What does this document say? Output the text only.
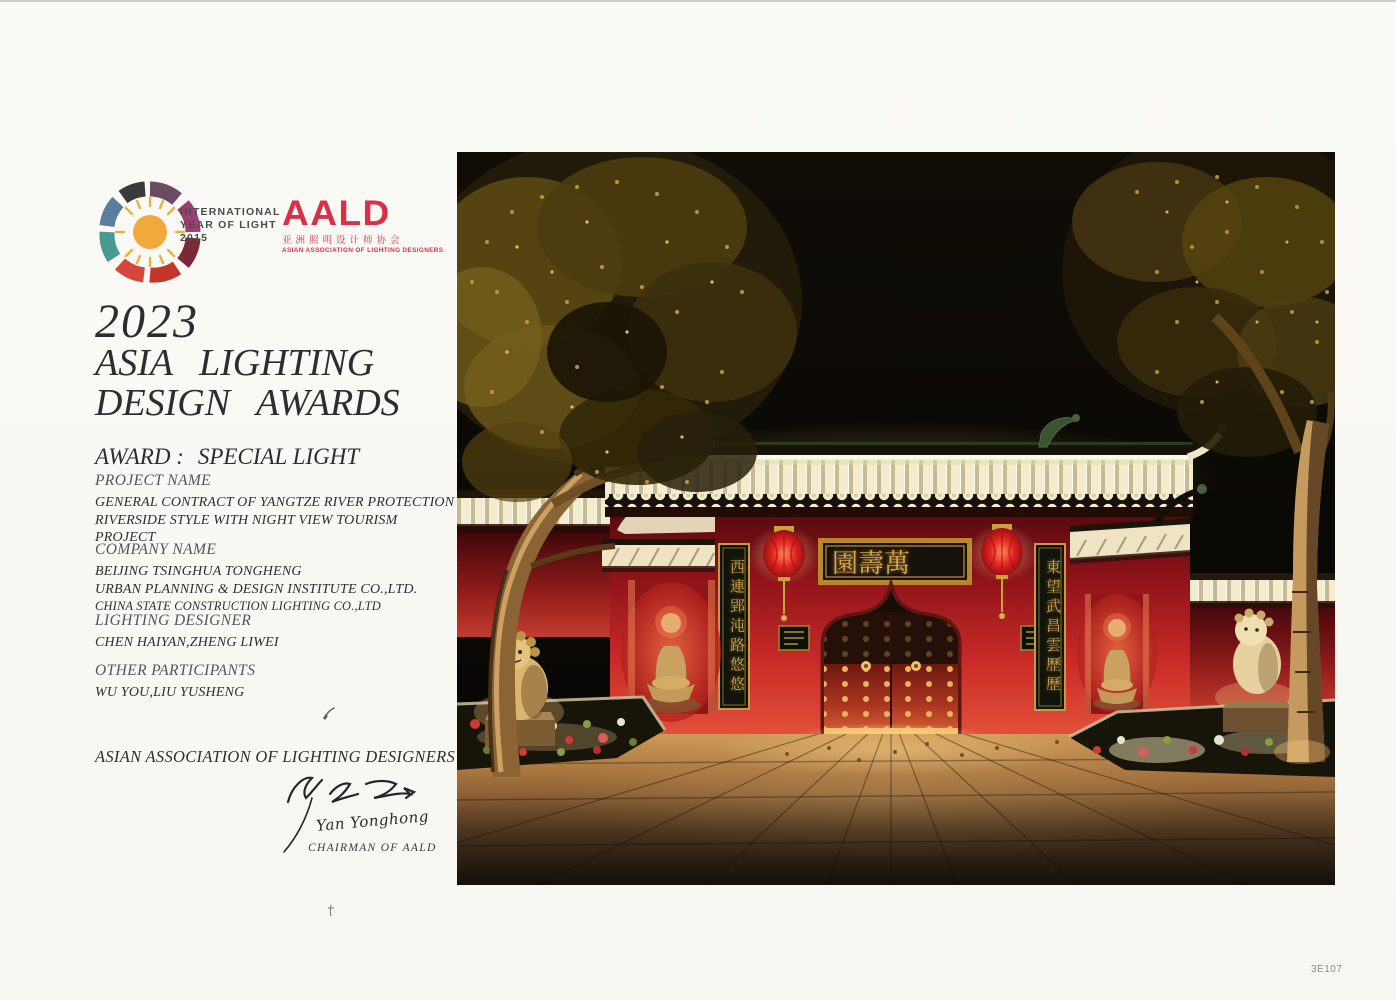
INTERNATIONAL
YEAR OF LIGHT
2015
AALD
亚洲照明设计师协会
ASIAN ASSOCIATION OF LIGHTING DESIGNERS
2023
ASIA LIGHTING
DESIGN AWARDS
AWARD : SPECIAL LIGHT
PROJECT NAME
GENERAL CONTRACT OF YANGTZE RIVER PROTECTION
RIVERSIDE STYLE WITH NIGHT VIEW TOURISM PROJECT
COMPANY NAME
BEIJING TSINGHUA TONGHENG
URBAN PLANNING & DESIGN INSTITUTE CO.,LTD.
CHINA STATE CONSTRUCTION LIGHTING CO.,LTD
LIGHTING DESIGNER
CHEN HAIYAN,ZHENG LIWEI
OTHER PARTICIPANTS
WU YOU,LIU YUSHENG
ASIAN ASSOCIATION OF LIGHTING DESIGNERS
Yan Yonghong
CHAIRMAN OF AALD
3E107
園壽萬
西連郢沌路悠悠	東望武昌雲歷歷
